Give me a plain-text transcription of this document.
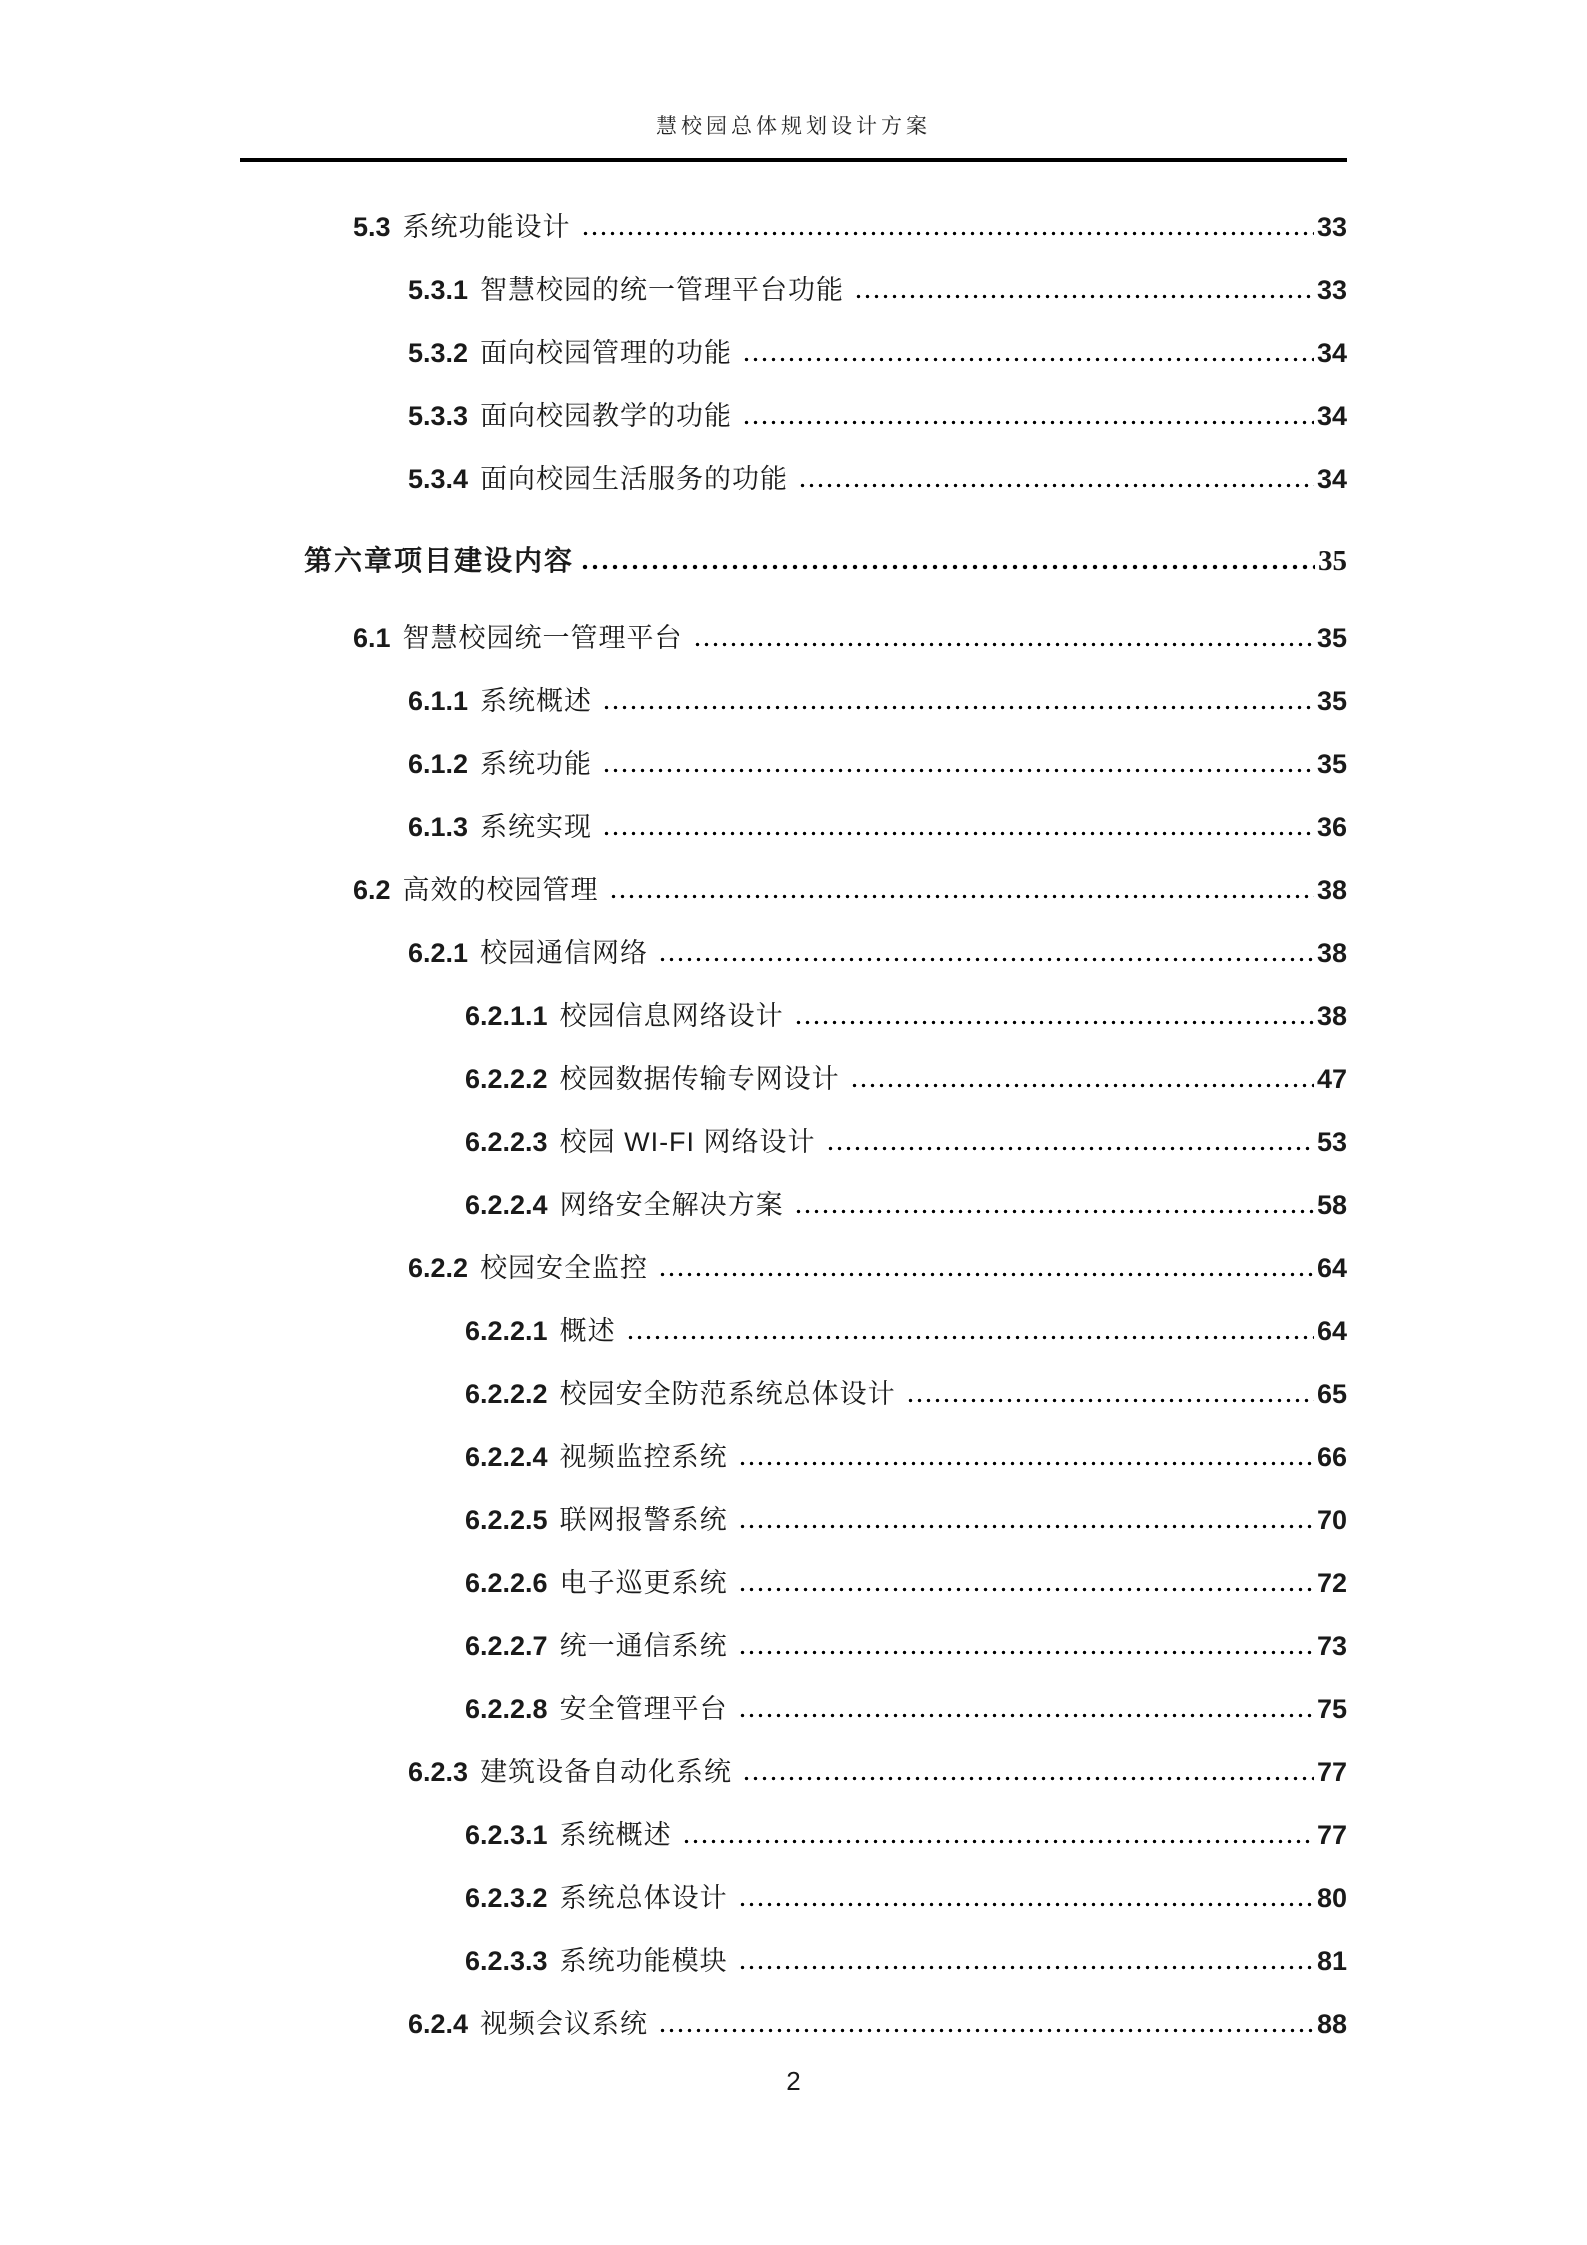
慧校园总体规划设计方案
5.3 系统功能设计	33
5.3.1 智慧校园的统一管理平台功能	33
5.3.2 面向校园管理的功能	34
5.3.3 面向校园教学的功能	34
5.3.4 面向校园生活服务的功能	34
第六章项目建设内容	35
6.1 智慧校园统一管理平台	35
6.1.1 系统概述	35
6.1.2 系统功能	35
6.1.3 系统实现	36
6.2 高效的校园管理	38
6.2.1 校园通信网络	38
6.2.1.1 校园信息网络设计	38
6.2.2.2 校园数据传输专网设计	47
6.2.2.3 校园 WI-FI 网络设计	53
6.2.2.4 网络安全解决方案	58
6.2.2 校园安全监控	64
6.2.2.1 概述	64
6.2.2.2 校园安全防范系统总体设计	65
6.2.2.4 视频监控系统	66
6.2.2.5 联网报警系统	70
6.2.2.6 电子巡更系统	72
6.2.2.7 统一通信系统	73
6.2.2.8 安全管理平台	75
6.2.3 建筑设备自动化系统	77
6.2.3.1 系统概述	77
6.2.3.2 系统总体设计	80
6.2.3.3 系统功能模块	81
6.2.4 视频会议系统	88
2
